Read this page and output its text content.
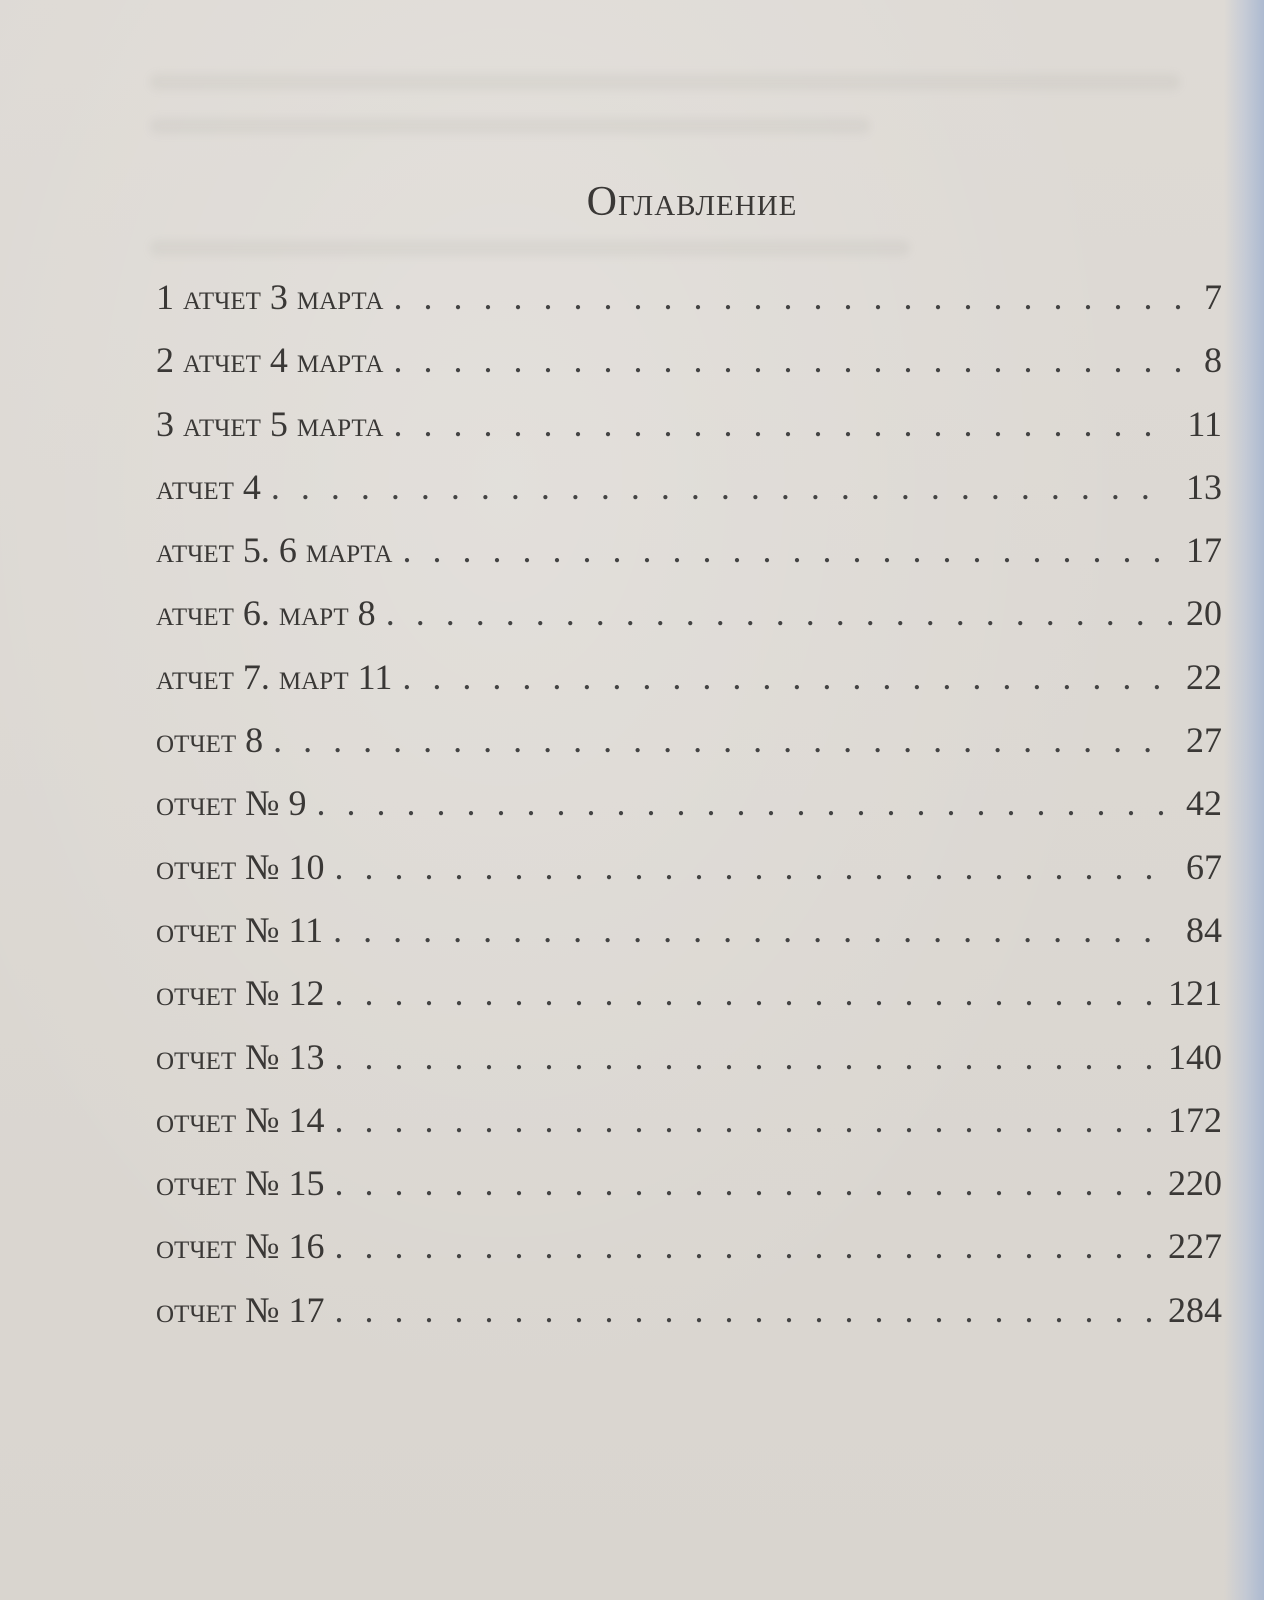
Оглавление
1 атчет 3 марта . . .	7
2 атчет 4 марта . . .	8
3 атчет 5 марта . . .	11
атчет 4 . . .	13
атчет 5. 6 марта . . .	17
атчет 6. март 8 . . .	20
атчет 7. март 11 . . .	22
отчет 8 . . .	27
отчет № 9 . . .	42
отчет № 10 . . .	67
отчет № 11 . . .	84
отчет № 12 . . .	121
отчет № 13 . . .	140
отчет № 14 . . .	172
отчет № 15 . . .	220
отчет № 16 . . .	227
отчет № 17 . . .	284
